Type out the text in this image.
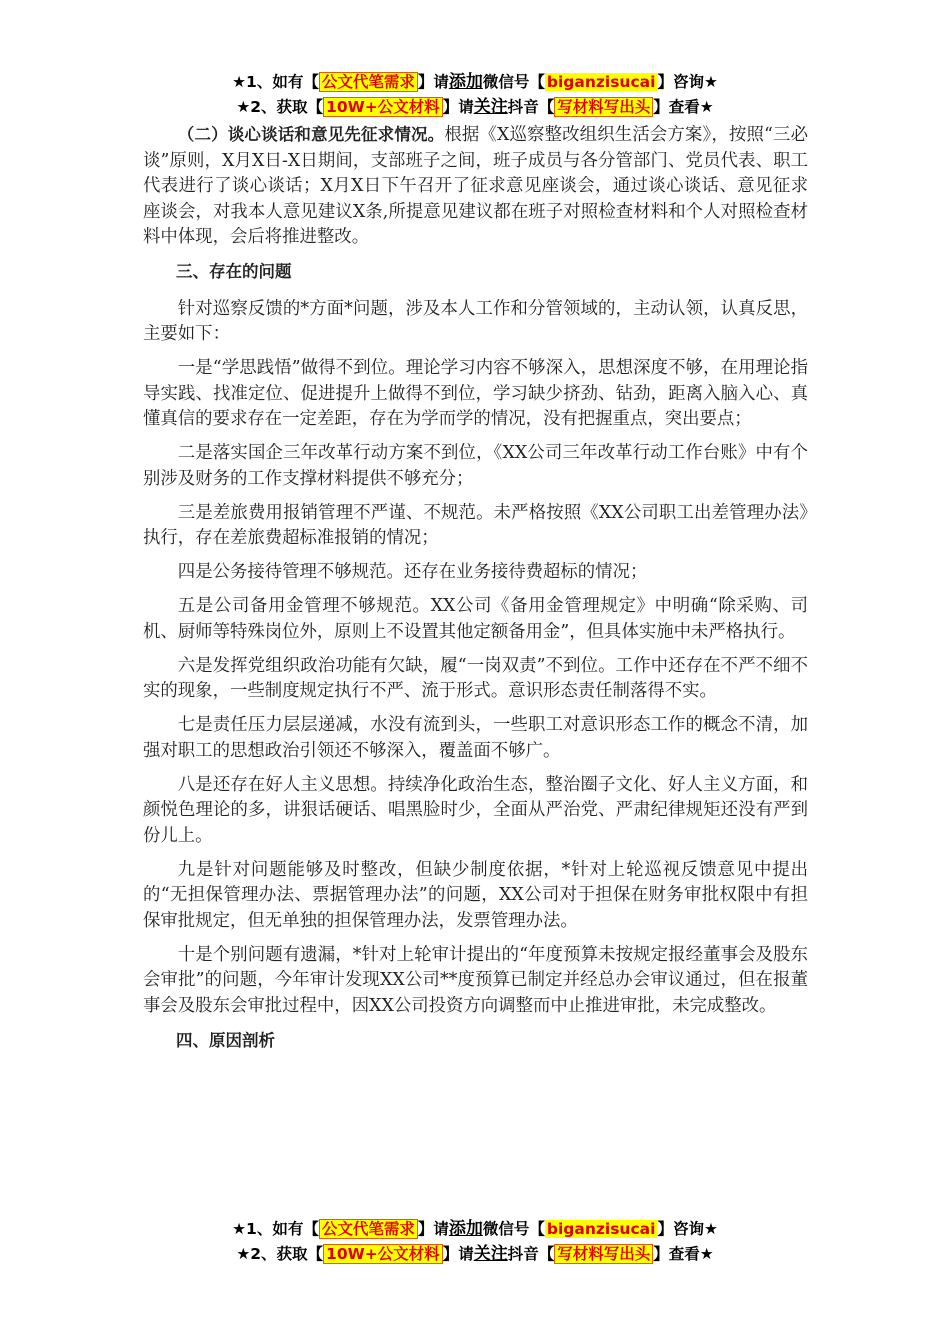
★1、如有【 公文代笔需求 】请添加微信号【 biganzisucai 】咨询★
★2、获取【 10W+公文材料 】请关注抖音【 写材料写出头 】查看★

（二）谈心谈话和意见先征求情况。根据《X巡察整改组织生活会方案》，按照“三必谈”原则，X月X日-X日期间，支部班子之间，班子成员与各分管部门、党员代表、职工代表进行了谈心谈话；X月X日下午召开了征求意见座谈会，通过谈心谈话、意见征求座谈会，对我本人意见建议X条,所提意见建议都在班子对照检查材料和个人对照检查材料中体现，会后将推进整改。

三、存在的问题

针对巡察反馈的*方面*问题，涉及本人工作和分管领域的，主动认领，认真反思，主要如下：

一是“学思践悟”做得不到位。理论学习内容不够深入，思想深度不够，在用理论指导实践、找准定位、促进提升上做得不到位，学习缺少挤劲、钻劲，距离入脑入心、真懂真信的要求存在一定差距，存在为学而学的情况，没有把握重点，突出要点；

二是落实国企三年改革行动方案不到位，《XX公司三年改革行动工作台账》中有个别涉及财务的工作支撑材料提供不够充分；

三是差旅费用报销管理不严谨、不规范。未严格按照《XX公司职工出差管理办法》执行，存在差旅费超标准报销的情况；

四是公务接待管理不够规范。还存在业务接待费超标的情况；

五是公司备用金管理不够规范。XX公司《备用金管理规定》中明确“除采购、司机、厨师等特殊岗位外，原则上不设置其他定额备用金”，但具体实施中未严格执行。

六是发挥党组织政治功能有欠缺，履“一岗双责”不到位。工作中还存在不严不细不实的现象，一些制度规定执行不严、流于形式。意识形态责任制落得不实。

七是责任压力层层递减，水没有流到头，一些职工对意识形态工作的概念不清，加强对职工的思想政治引领还不够深入，覆盖面不够广。

八是还存在好人主义思想。持续净化政治生态，整治圈子文化、好人主义方面，和颜悦色理论的多，讲狠话硬话、唱黑脸时少，全面从严治党、严肃纪律规矩还没有严到份儿上。

九是针对问题能够及时整改，但缺少制度依据，*针对上轮巡视反馈意见中提出的“无担保管理办法、票据管理办法”的问题，XX公司对于担保在财务审批权限中有担保审批规定，但无单独的担保管理办法，发票管理办法。

十是个别问题有遗漏，*针对上轮审计提出的“年度预算未按规定报经董事会及股东会审批”的问题，今年审计发现XX公司**度预算已制定并经总办会审议通过，但在报董事会及股东会审批过程中，因XX公司投资方向调整而中止推进审批，未完成整改。

四、原因剖析

★1、如有【 公文代笔需求 】请添加微信号【 biganzisucai 】咨询★
★2、获取【 10W+公文材料 】请关注抖音【 写材料写出头 】查看★
